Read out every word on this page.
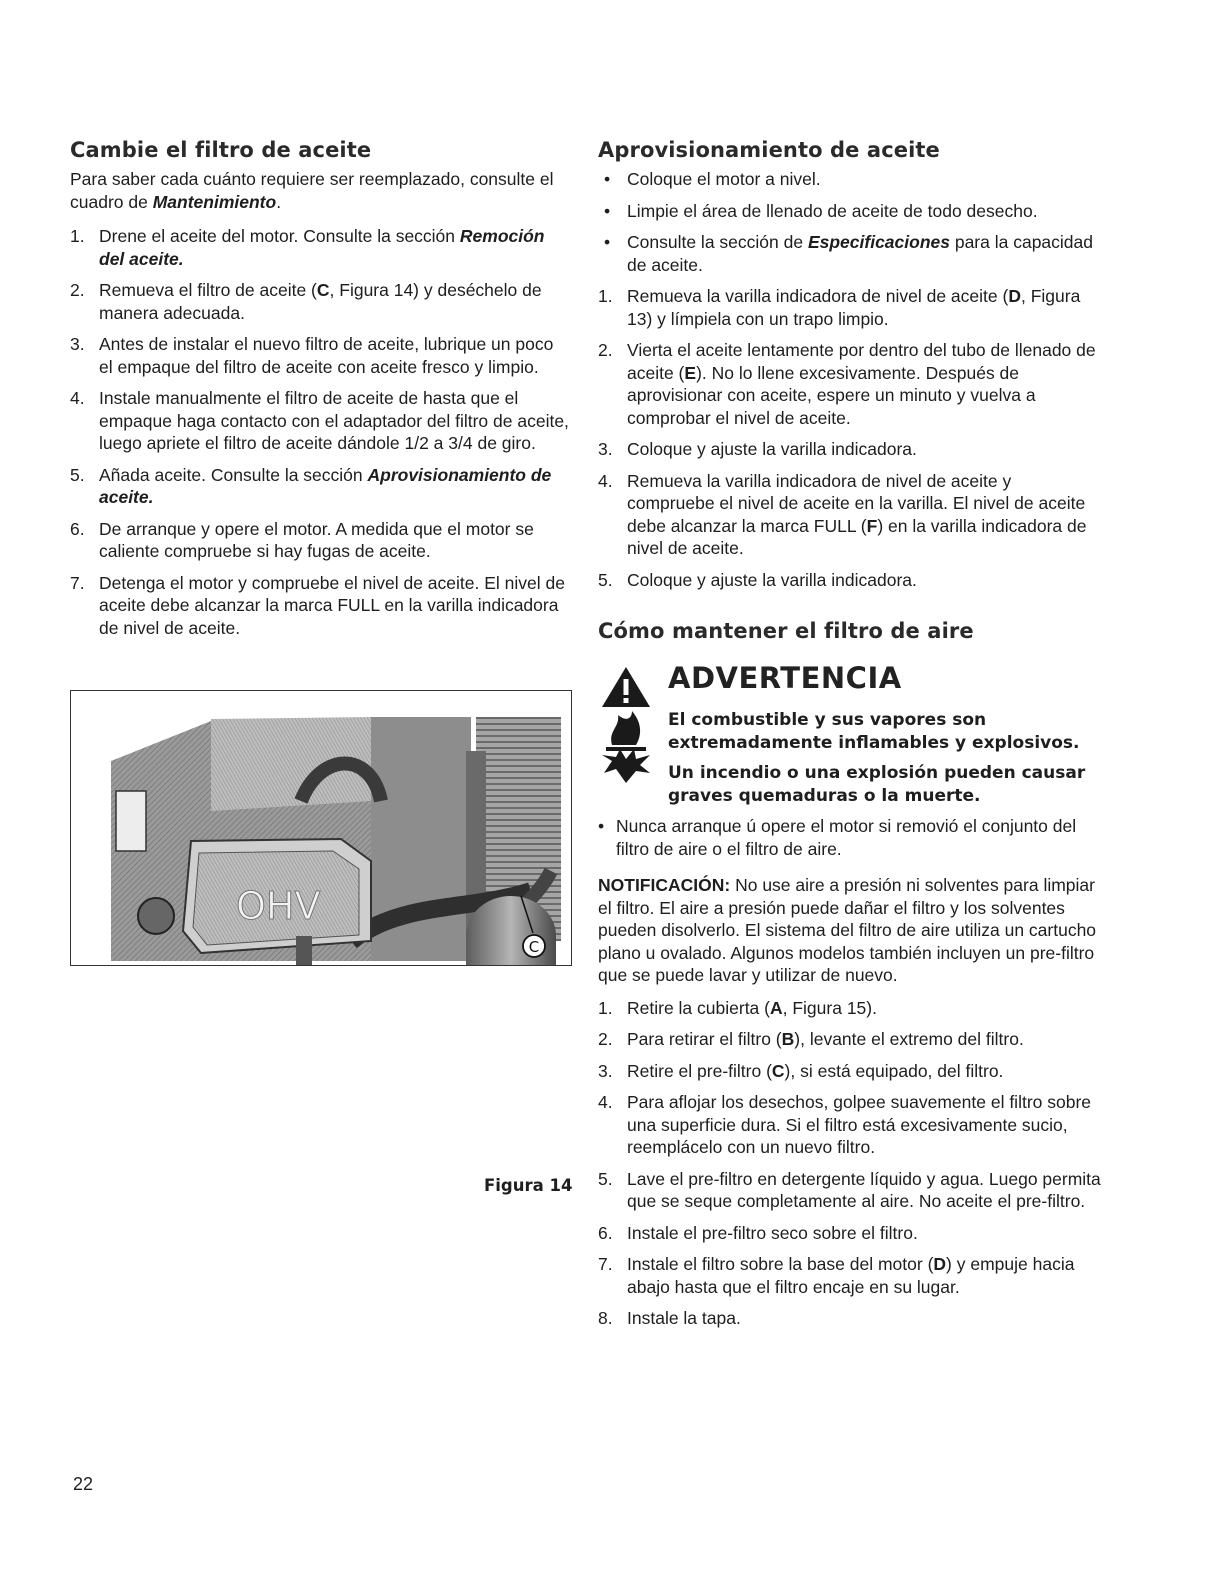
Cambie el filtro de aceite

Para saber cada cuánto requiere ser reemplazado, consulte el cuadro de Mantenimiento.

1. Drene el aceite del motor. Consulte la sección Remoción del aceite.
2. Remueva el filtro de aceite (C, Figura 14) y deséchelo de manera adecuada.
3. Antes de instalar el nuevo filtro de aceite, lubrique un poco el empaque del filtro de aceite con aceite fresco y limpio.
4. Instale manualmente el filtro de aceite de hasta que el empaque haga contacto con el adaptador del filtro de aceite, luego apriete el filtro de aceite dándole 1/2 a 3/4 de giro.
5. Añada aceite. Consulte la sección Aprovisionamiento de aceite.
6. De arranque y opere el motor. A medida que el motor se caliente compruebe si hay fugas de aceite.
7. Detenga el motor y compruebe el nivel de aceite. El nivel de aceite debe alcanzar la marca FULL en la varilla indicadora de nivel de aceite.
OHV
C
Figura 14
Aprovisionamiento de aceite
• Coloque el motor a nivel.
• Limpie el área de llenado de aceite de todo desecho.
• Consulte la sección de Especificaciones para la capacidad de aceite.
1. Remueva la varilla indicadora de nivel de aceite (D, Figura 13) y límpiela con un trapo limpio.
2. Vierta el aceite lentamente por dentro del tubo de llenado de aceite (E). No lo llene excesivamente. Después de aprovisionar con aceite, espere un minuto y vuelva a comprobar el nivel de aceite.
3. Coloque y ajuste la varilla indicadora.
4. Remueva la varilla indicadora de nivel de aceite y compruebe el nivel de aceite en la varilla. El nivel de aceite debe alcanzar la marca FULL (F) en la varilla indicadora de nivel de aceite.
5. Coloque y ajuste la varilla indicadora.
Cómo mantener el filtro de aire
ADVERTENCIA

El combustible y sus vapores son extremadamente inflamables y explosivos.

Un incendio o una explosión pueden causar graves quemaduras o la muerte.

• Nunca arranque ú opere el motor si removió el conjunto del filtro de aire o el filtro de aire.

NOTIFICACIÓN: No use aire a presión ni solventes para limpiar el filtro. El aire a presión puede dañar el filtro y los solventes pueden disolverlo. El sistema del filtro de aire utiliza un cartucho plano u ovalado. Algunos modelos también incluyen un pre-filtro que se puede lavar y utilizar de nuevo.

1. Retire la cubierta (A, Figura 15).
2. Para retirar el filtro (B), levante el extremo del filtro.
3. Retire el pre-filtro (C), si está equipado, del filtro.
4. Para aflojar los desechos, golpee suavemente el filtro sobre una superficie dura. Si el filtro está excesivamente sucio, reemplácelo con un nuevo filtro.
5. Lave el pre-filtro en detergente líquido y agua. Luego permita que se seque completamente al aire. No aceite el pre-filtro.
6. Instale el pre-filtro seco sobre el filtro.
7. Instale el filtro sobre la base del motor (D) y empuje hacia abajo hasta que el filtro encaje en su lugar.
8. Instale la tapa.
22
